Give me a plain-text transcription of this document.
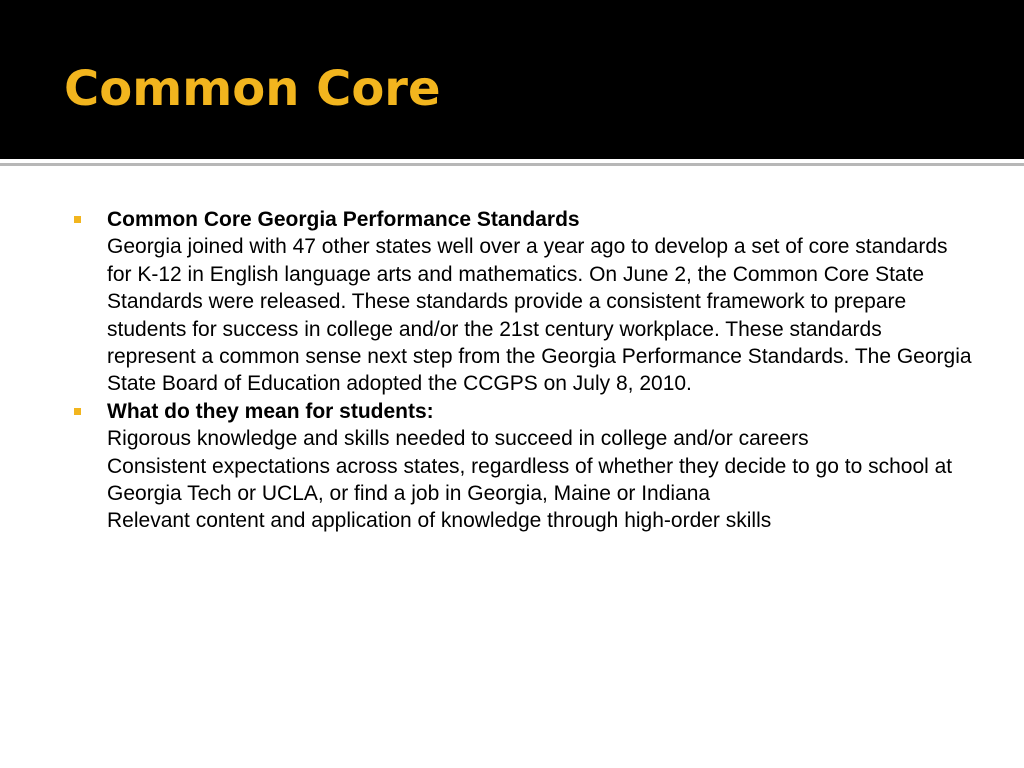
Common Core
Common Core Georgia Performance Standards
Georgia joined with 47 other states well over a year ago to develop a set of core standards for K-12 in English language arts and mathematics. On June 2, the Common Core State Standards were released. These standards provide a consistent framework to prepare students for success in college and/or the 21st century workplace. These standards represent a common sense next step from the Georgia Performance Standards. The Georgia State Board of Education adopted the CCGPS on July 8, 2010.
What do they mean for students:
Rigorous knowledge and skills needed to succeed in college and/or careers
Consistent expectations across states, regardless of whether they decide to go to school at Georgia Tech or UCLA, or find a job in Georgia, Maine or Indiana
Relevant content and application of knowledge through high-order skills
